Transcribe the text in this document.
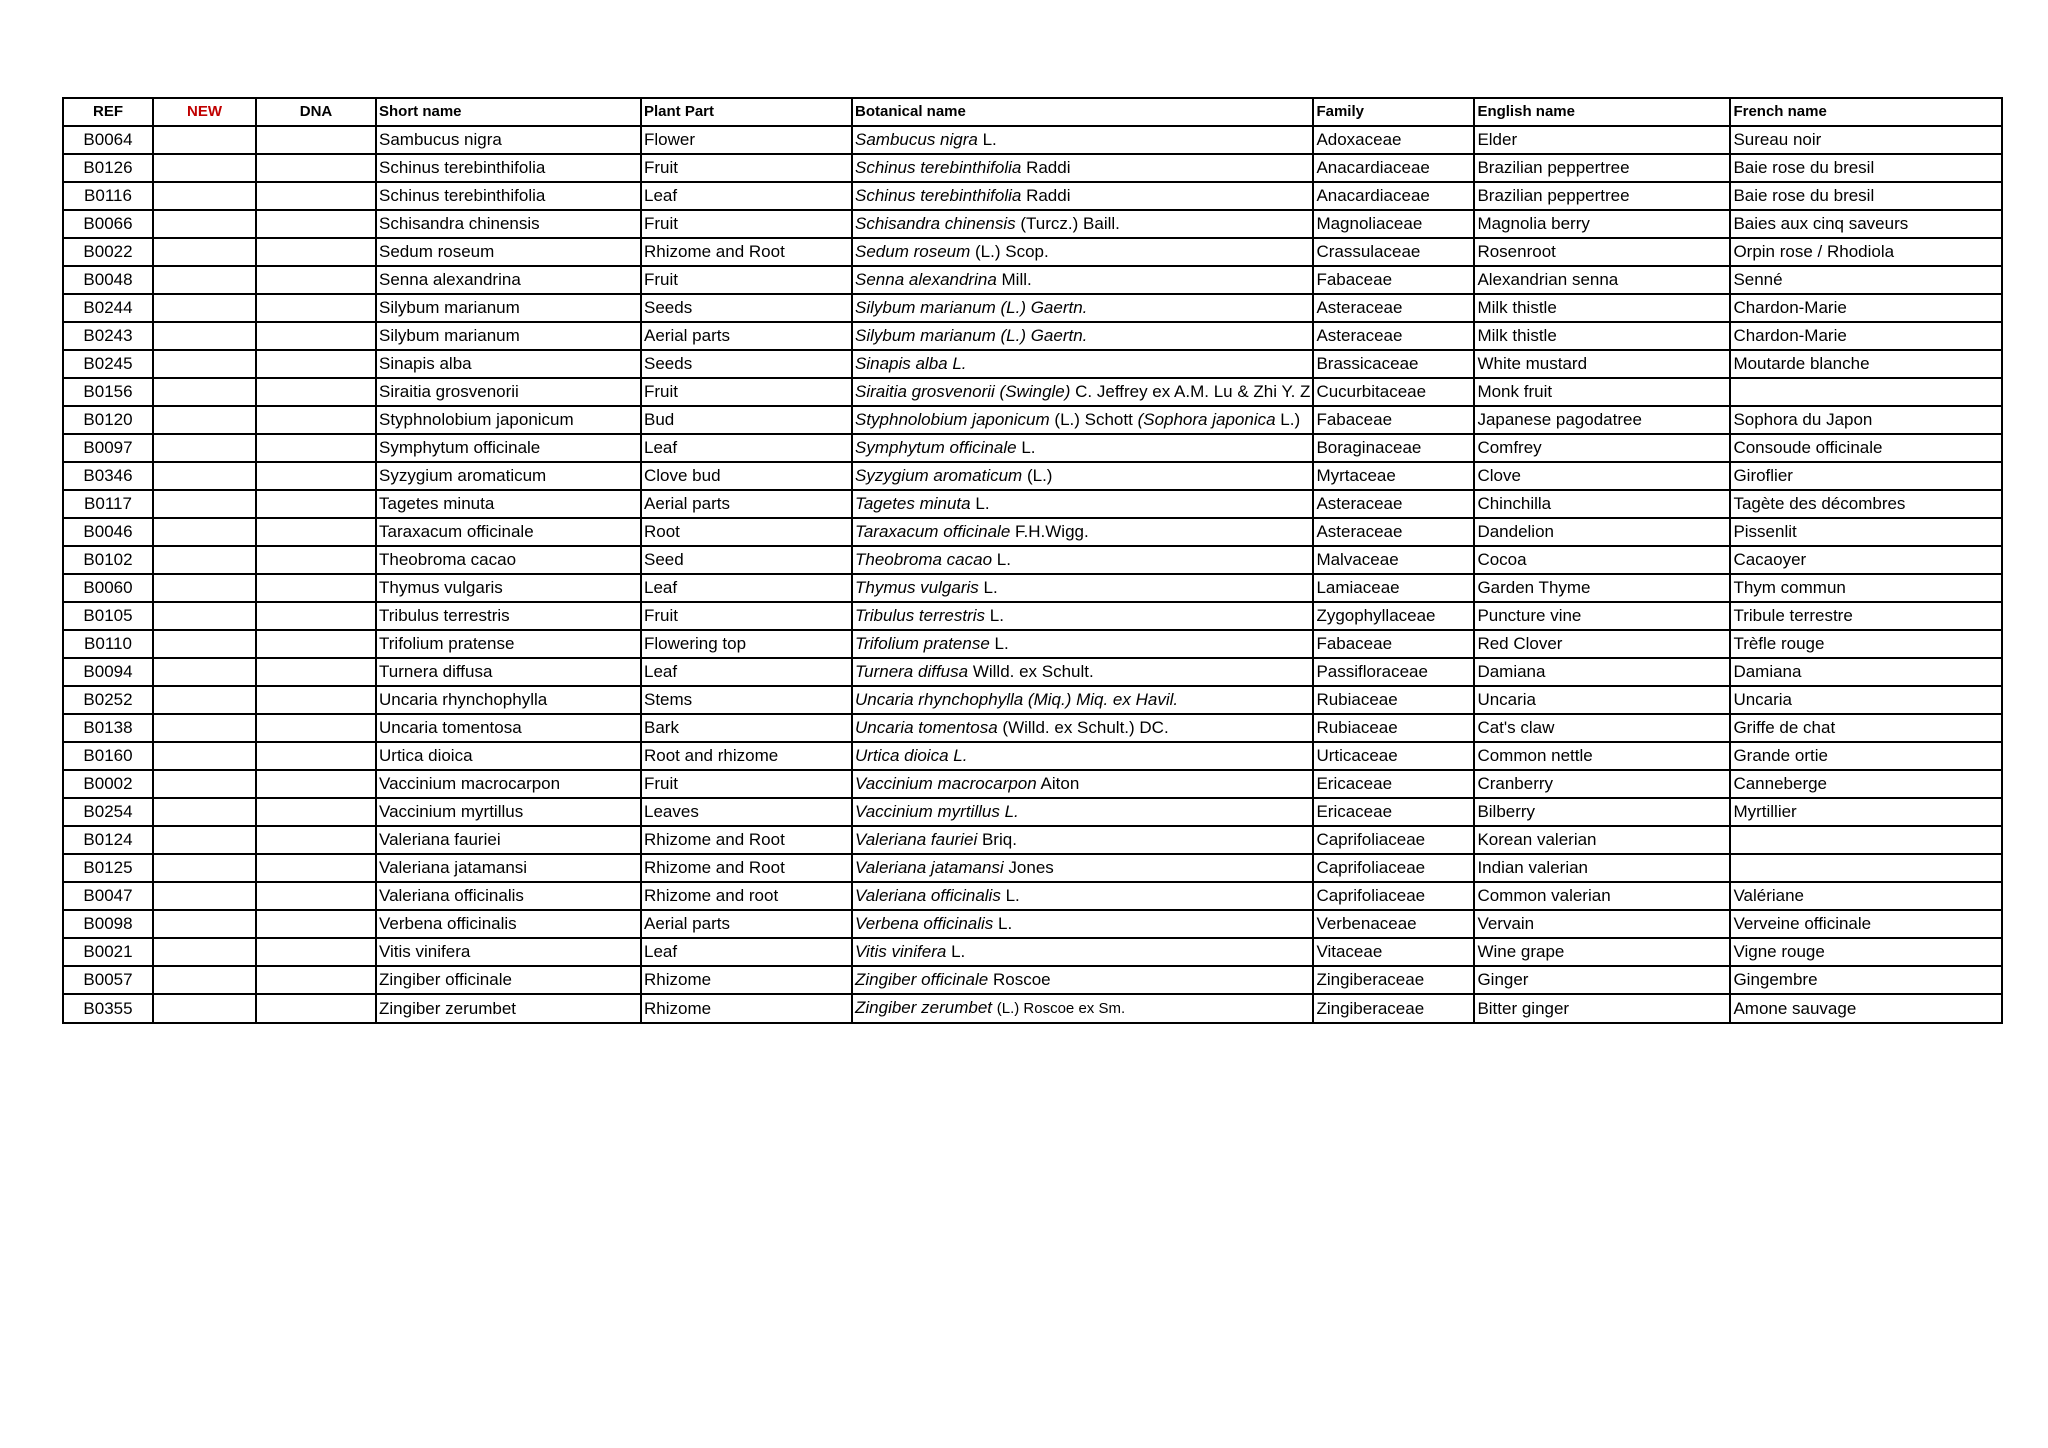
REF	NEW	DNA	Short name	Plant Part	Botanical name	Family	English name	French name
B0064			Sambucus nigra	Flower	Sambucus nigra L.	Adoxaceae	Elder	Sureau noir
B0126			Schinus terebinthifolia	Fruit	Schinus terebinthifolia Raddi	Anacardiaceae	Brazilian peppertree	Baie rose du bresil
B0116			Schinus terebinthifolia	Leaf	Schinus terebinthifolia Raddi	Anacardiaceae	Brazilian peppertree	Baie rose du bresil
B0066			Schisandra chinensis	Fruit	Schisandra chinensis (Turcz.) Baill.	Magnoliaceae	Magnolia berry	Baies aux cinq saveurs
B0022			Sedum roseum	Rhizome and Root	Sedum roseum (L.) Scop.	Crassulaceae	Rosenroot	Orpin rose / Rhodiola
B0048			Senna alexandrina	Fruit	Senna alexandrina Mill.	Fabaceae	Alexandrian senna	Senné
B0244			Silybum marianum	Seeds	Silybum marianum (L.) Gaertn.	Asteraceae	Milk thistle	Chardon-Marie
B0243			Silybum marianum	Aerial parts	Silybum marianum (L.) Gaertn.	Asteraceae	Milk thistle	Chardon-Marie
B0245			Sinapis alba	Seeds	Sinapis alba L.	Brassicaceae	White mustard	Moutarde blanche
B0156			Siraitia grosvenorii	Fruit	Siraitia grosvenorii (Swingle) C. Jeffrey ex A.M. Lu & Zhi Y. Z	Cucurbitaceae	Monk fruit	
B0120			Styphnolobium japonicum	Bud	Styphnolobium japonicum (L.) Schott (Sophora japonica L.)	Fabaceae	Japanese pagodatree	Sophora du Japon
B0097			Symphytum officinale	Leaf	Symphytum officinale L.	Boraginaceae	Comfrey	Consoude officinale
B0346			Syzygium aromaticum	Clove bud	Syzygium aromaticum (L.)	Myrtaceae	Clove	Giroflier
B0117			Tagetes minuta	Aerial parts	Tagetes minuta L.	Asteraceae	Chinchilla	Tagète des décombres
B0046			Taraxacum officinale	Root	Taraxacum officinale F.H.Wigg.	Asteraceae	Dandelion	Pissenlit
B0102			Theobroma cacao	Seed	Theobroma cacao L.	Malvaceae	Cocoa	Cacaoyer
B0060			Thymus vulgaris	Leaf	Thymus vulgaris L.	Lamiaceae	Garden Thyme	Thym commun
B0105			Tribulus terrestris	Fruit	Tribulus terrestris L.	Zygophyllaceae	Puncture vine	Tribule terrestre
B0110			Trifolium pratense	Flowering top	Trifolium pratense L.	Fabaceae	Red Clover	Trèfle rouge
B0094			Turnera diffusa	Leaf	Turnera diffusa Willd. ex Schult.	Passifloraceae	Damiana	Damiana
B0252			Uncaria rhynchophylla	Stems	Uncaria rhynchophylla (Miq.) Miq. ex Havil.	Rubiaceae	Uncaria	Uncaria
B0138			Uncaria tomentosa	Bark	Uncaria tomentosa (Willd. ex Schult.) DC.	Rubiaceae	Cat's claw	Griffe de chat
B0160			Urtica dioica	Root and rhizome	Urtica dioica L.	Urticaceae	Common nettle	Grande ortie
B0002			Vaccinium macrocarpon	Fruit	Vaccinium macrocarpon Aiton	Ericaceae	Cranberry	Canneberge
B0254			Vaccinium myrtillus	Leaves	Vaccinium myrtillus L.	Ericaceae	Bilberry	Myrtillier
B0124			Valeriana fauriei	Rhizome and Root	Valeriana fauriei Briq.	Caprifoliaceae	Korean valerian	
B0125			Valeriana jatamansi	Rhizome and Root	Valeriana jatamansi Jones	Caprifoliaceae	Indian valerian	
B0047			Valeriana officinalis	Rhizome and root	Valeriana officinalis L.	Caprifoliaceae	Common valerian	Valériane
B0098			Verbena officinalis	Aerial parts	Verbena officinalis L.	Verbenaceae	Vervain	Verveine officinale
B0021			Vitis vinifera	Leaf	Vitis vinifera L.	Vitaceae	Wine grape	Vigne rouge
B0057			Zingiber officinale	Rhizome	Zingiber officinale Roscoe	Zingiberaceae	Ginger	Gingembre
B0355			Zingiber zerumbet	Rhizome	Zingiber zerumbet (L.) Roscoe ex Sm.	Zingiberaceae	Bitter ginger	Amone sauvage
